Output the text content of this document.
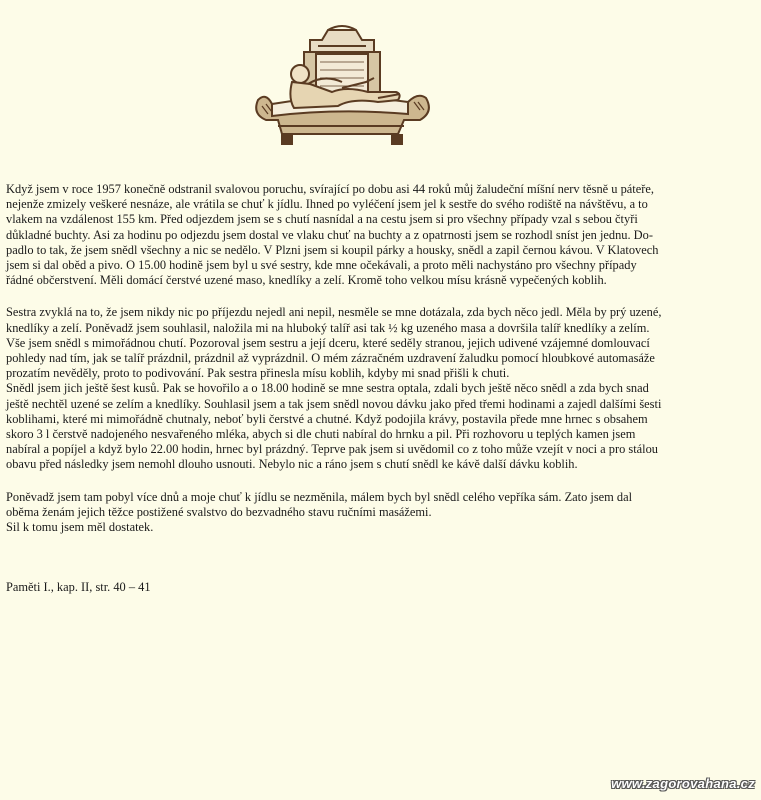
Když jsem v roce 1957 konečně odstranil svalovou poruchu, svírající po dobu asi 44 roků můj žaludeční míšní nerv těsně u páteře,
nejenže zmizely veškeré nesnáze, ale vrátila se chuť k jídlu. Ihned po vyléčení jsem jel k sestře do svého rodiště na návštěvu, a to
vlakem na vzdálenost 155 km. Před odjezdem jsem se s chutí nasnídal a na cestu jsem si pro všechny případy vzal s sebou čtyři
důkladné buchty. Asi za hodinu po odjezdu jsem dostal ve vlaku chuť na buchty a z opatrnosti jsem se rozhodl sníst jen jednu. Do-
padlo to tak, že jsem snědl všechny a nic se nedělo. V Plzni jsem si koupil párky a housky, snědl a zapil černou kávou. V Klatovech
jsem si dal oběd a pivo. O 15.00 hodině jsem byl u své sestry, kde mne očekávali, a proto měli nachystáno pro všechny případy
řádné občerstvení. Měli domácí čerstvé uzené maso, knedlíky a zelí. Kromě toho velkou mísu krásně vypečených koblih.

Sestra zvyklá na to, že jsem nikdy nic po příjezdu nejedl ani nepil, nesměle se mne dotázala, zda bych něco jedl. Měla by prý uzené,
knedlíky a zelí. Poněvadž jsem souhlasil, naložila mi na hluboký talíř asi tak ½ kg uzeného masa a dovršila talíř knedlíky a zelím.
Vše jsem snědl s mimořádnou chutí. Pozoroval jsem sestru a její dceru, které seděly stranou, jejich udivené vzájemné domlouvací
pohledy nad tím, jak se talíř prázdnil, prázdnil až vyprázdnil. O mém zázračném uzdravení žaludku pomocí hloubkové automasáže
prozatím nevěděly, proto to podivování. Pak sestra přinesla mísu koblih, kdyby mi snad přišli k chuti.
Snědl jsem jich ještě šest kusů. Pak se hovořilo a o 18.00 hodině se mne sestra optala, zdali bych ještě něco snědl a zda bych snad
ještě nechtěl uzené se zelím a knedlíky. Souhlasil jsem a tak jsem snědl novou dávku jako před třemi hodinami a zajedl dalšími šesti
koblihami, které mi mimořádně chutnaly, neboť byli čerstvé a chutné. Když podojila krávy, postavila přede mne hrnec s obsahem
skoro 3 l čerstvě nadojeného nesvařeného mléka, abych si dle chuti nabíral do hrnku a pil. Při rozhovoru u teplých kamen jsem
nabíral a popíjel a když bylo 22.00 hodin, hrnec byl prázdný. Teprve pak jsem si uvědomil co z toho může vzejít v noci a pro stálou
obavu před následky jsem nemohl dlouho usnouti. Nebylo nic a ráno jsem s chutí snědl ke kávě další dávku koblih.

Poněvadž jsem tam pobyl více dnů a moje chuť k jídlu se nezměnila, málem bych byl snědl celého vepříka sám. Zato jsem dal
oběma ženám jejich těžce postižené svalstvo do bezvadného stavu ručními masážemi.
Sil k tomu jsem měl dostatek.

Paměti I., kap. II, str. 40 – 41
www.zagorovahana.cz
